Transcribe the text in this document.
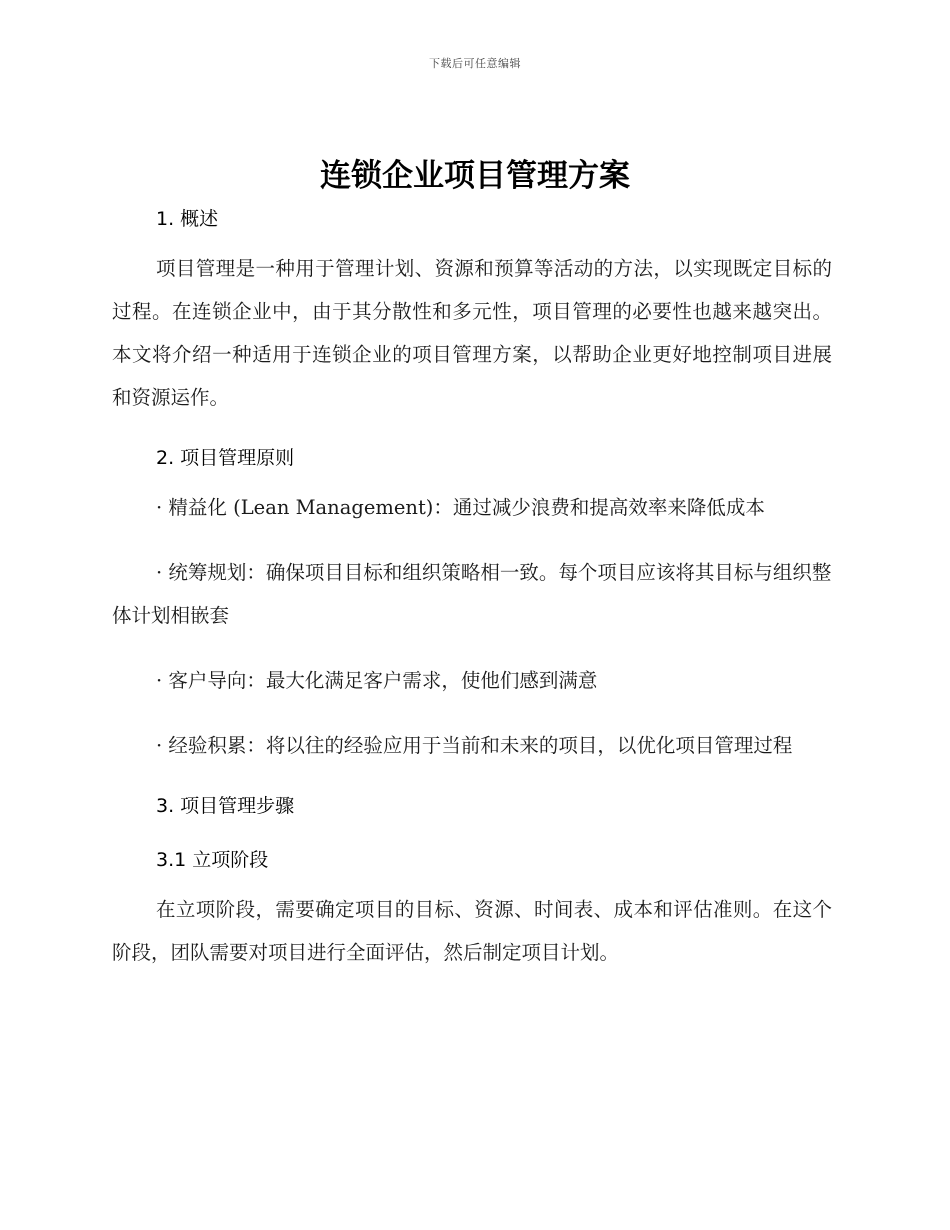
下载后可任意编辑
连锁企业项目管理方案
1. 概述

项目管理是一种用于管理计划、资源和预算等活动的方法，以实现既定目标的过程。在连锁企业中，由于其分散性和多元性，项目管理的必要性也越来越突出。本文将介绍一种适用于连锁企业的项目管理方案，以帮助企业更好地控制项目进展和资源运作。

2. 项目管理原则

· 精益化 (Lean Management)：通过减少浪费和提高效率来降低成本

· 统筹规划：确保项目目标和组织策略相一致。每个项目应该将其目标与组织整体计划相嵌套

· 客户导向：最大化满足客户需求，使他们感到满意

· 经验积累：将以往的经验应用于当前和未来的项目，以优化项目管理过程

3. 项目管理步骤
3.1 立项阶段

在立项阶段，需要确定项目的目标、资源、时间表、成本和评估准则。在这个阶段，团队需要对项目进行全面评估，然后制定项目计划。
